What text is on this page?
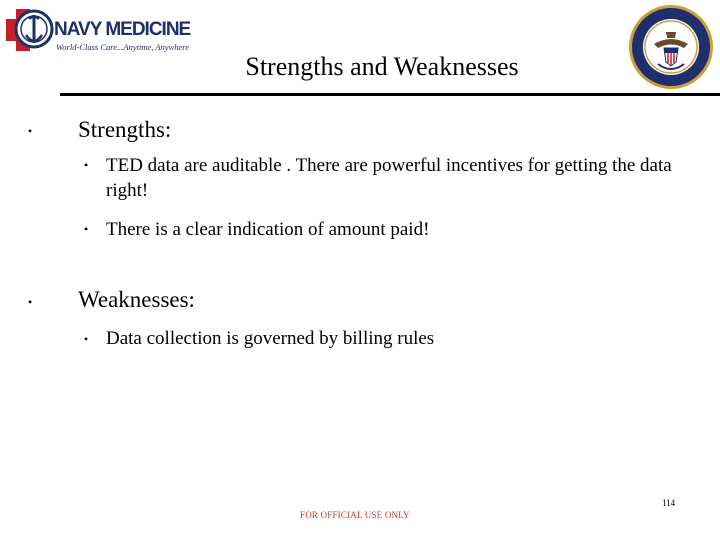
NAVY MEDICINE
World-Class Care...Anytime, Anywhere
Strengths and Weaknesses
• Strengths:
• TED data are auditable . There are powerful incentives for getting the data right!
• There is a clear indication of amount paid!
• Weaknesses:
• Data collection is governed by billing rules
FOR OFFICIAL USE ONLY
114
